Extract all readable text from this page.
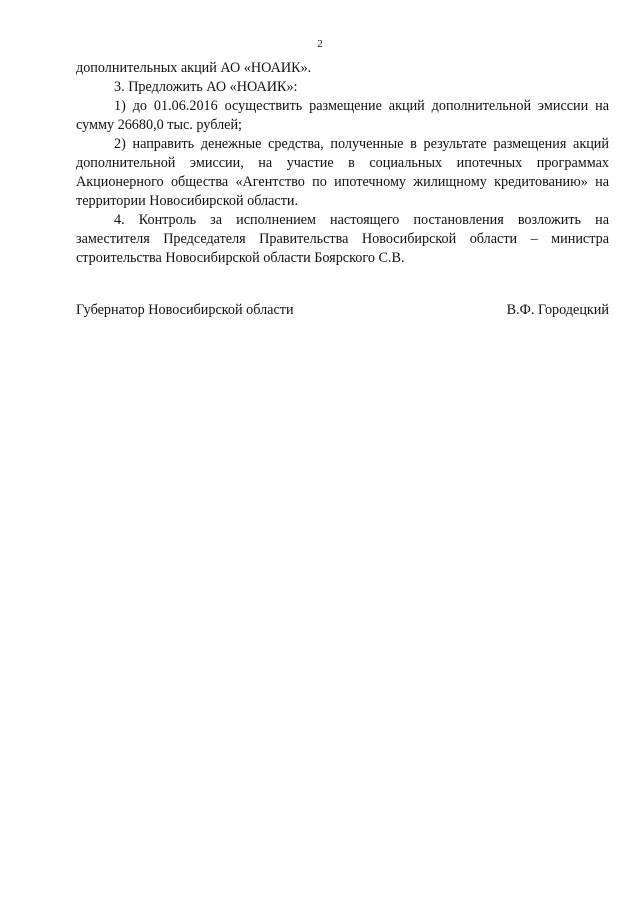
2

дополнительных акций АО «НОАИК».

3. Предложить АО «НОАИК»:

1) до 01.06.2016 осуществить размещение акций дополнительной эмиссии на сумму 26680,0 тыс. рублей;

2) направить денежные средства, полученные в результате размещения акций дополнительной эмиссии, на участие в социальных ипотечных программах Акционерного общества «Агентство по ипотечному жилищному кредитованию» на территории Новосибирской области.

4. Контроль за исполнением настоящего постановления возложить на заместителя Председателя Правительства Новосибирской области – министра строительства Новосибирской области Боярского С.В.

Губернатор Новосибирской области	В.Ф. Городецкий
